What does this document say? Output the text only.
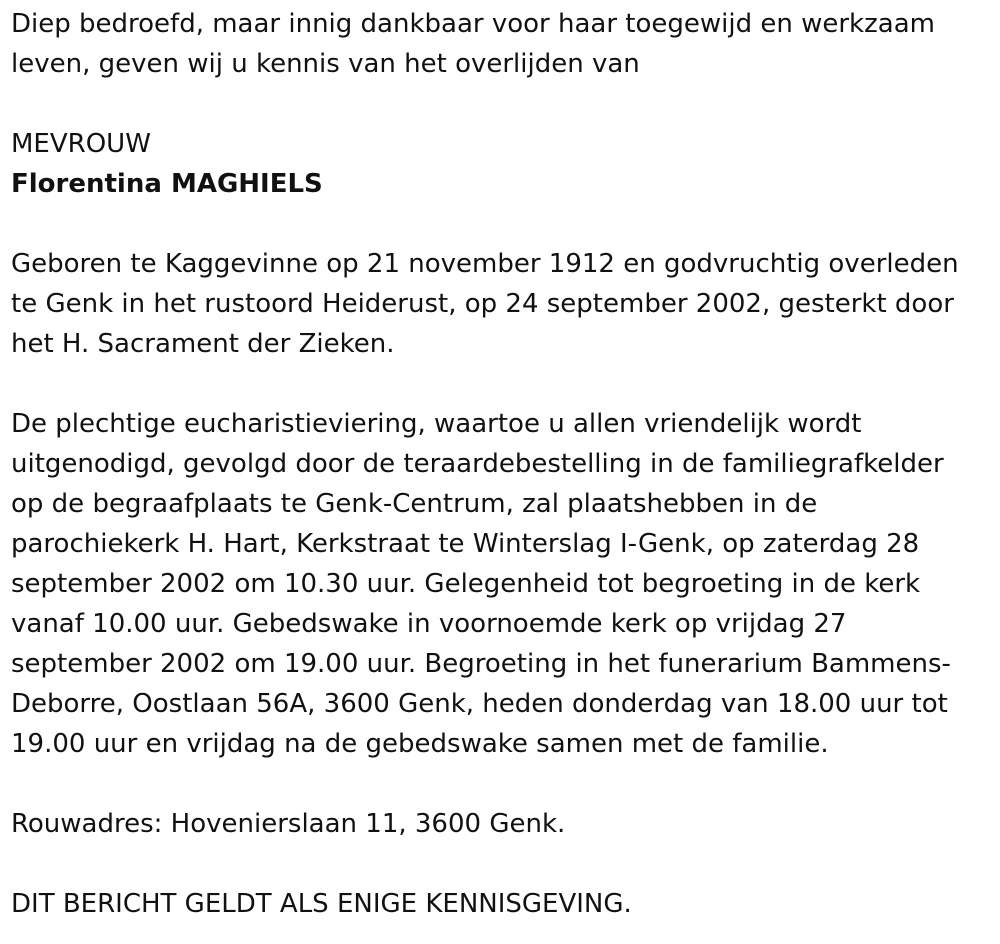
Diep bedroefd, maar innig dankbaar voor haar toegewijd en werkzaam
leven, geven wij u kennis van het overlijden van

MEVROUW

Florentina MAGHIELS

Geboren te Kaggevinne op 21 november 1912 en godvruchtig overleden
te Genk in het rustoord Heiderust, op 24 september 2002, gesterkt door
het H. Sacrament der Zieken.

De plechtige eucharistieviering, waartoe u allen vriendelijk wordt
uitgenodigd, gevolgd door de teraardebestelling in de familiegrafkelder
op de begraafplaats te Genk-Centrum, zal plaatshebben in de
parochiekerk H. Hart, Kerkstraat te Winterslag I-Genk, op zaterdag 28
september 2002 om 10.30 uur. Gelegenheid tot begroeting in de kerk
vanaf 10.00 uur. Gebedswake in voornoemde kerk op vrijdag 27
september 2002 om 19.00 uur. Begroeting in het funerarium Bammens-
Deborre, Oostlaan 56A, 3600 Genk, heden donderdag van 18.00 uur tot
19.00 uur en vrijdag na de gebedswake samen met de familie.

Rouwadres: Hovenierslaan 11, 3600 Genk.

DIT BERICHT GELDT ALS ENIGE KENNISGEVING.
